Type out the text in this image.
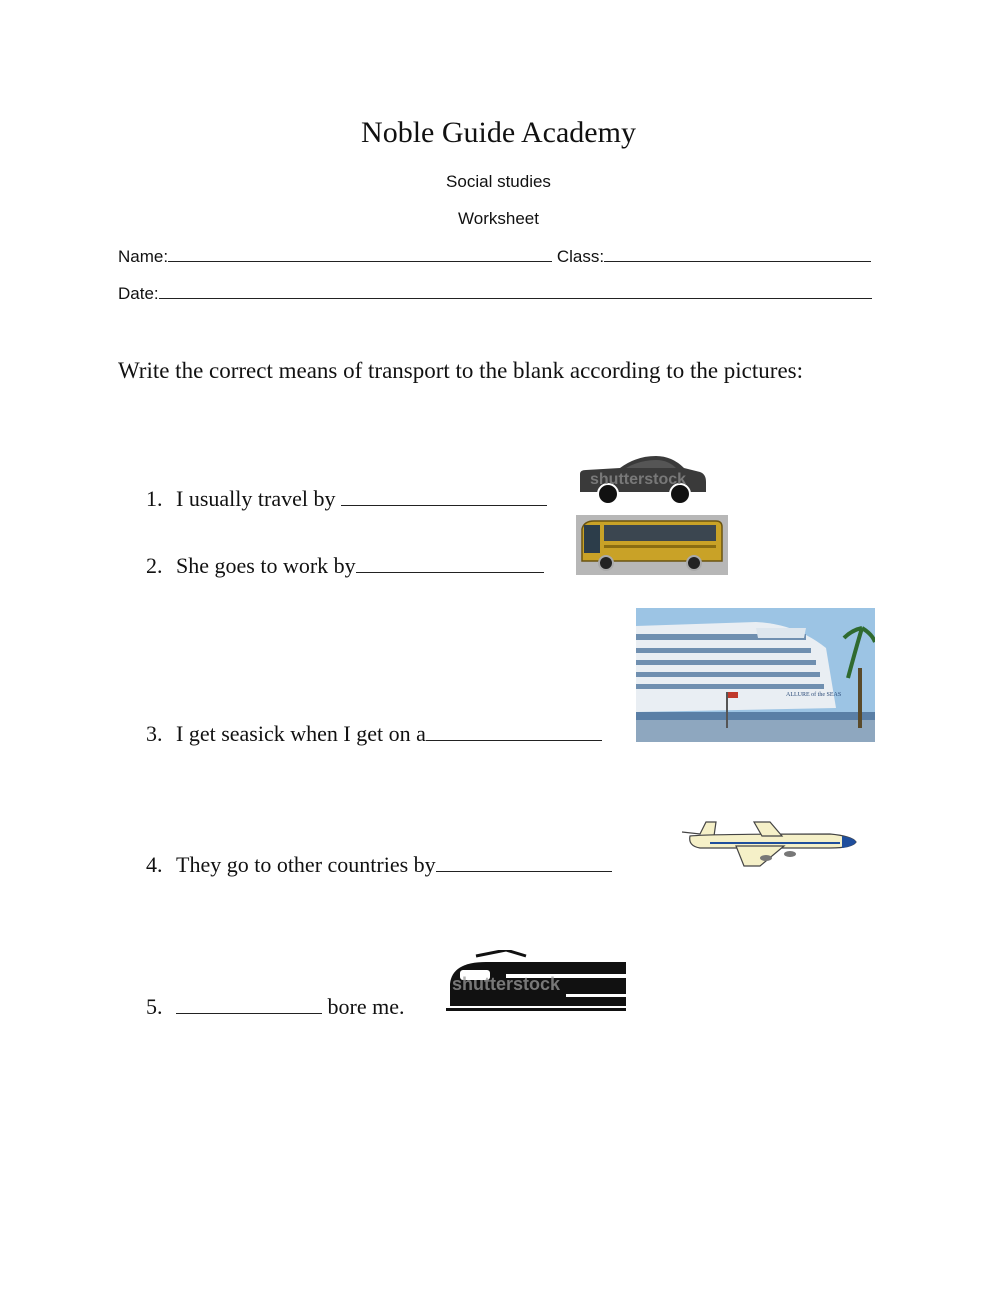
Noble Guide Academy
Social studies
Worksheet
Name:	Class:
Date:
Write the correct means of transport to the blank according to the pictures:
1. I usually travel by
shutterstock
2. She goes to work by
3. I get seasick when I get on a
ALLURE of the SEAS
4. They go to other countries by
5.	bore me.
shutterstock
